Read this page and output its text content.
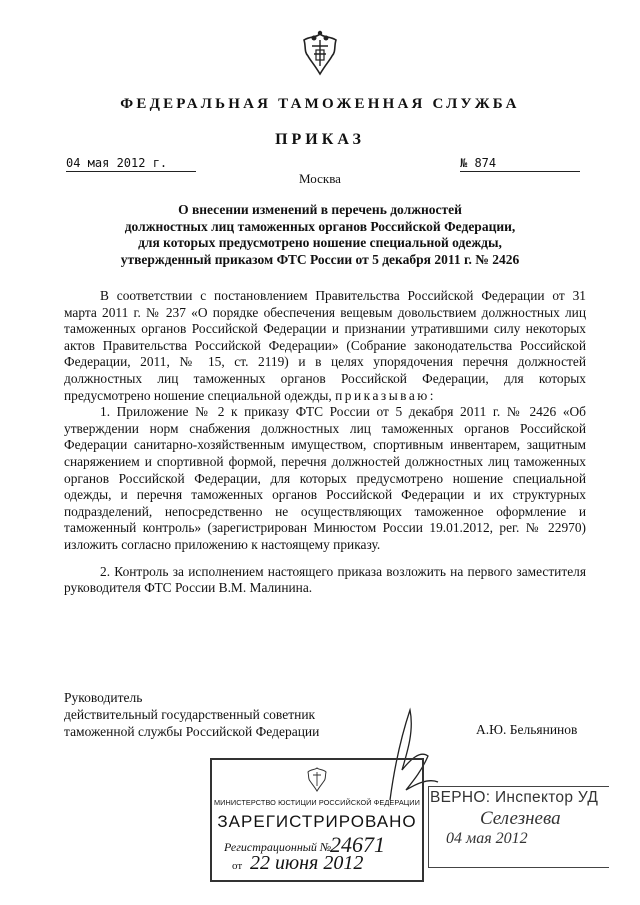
ФЕДЕРАЛЬНАЯ ТАМОЖЕННАЯ СЛУЖБА
ПРИКАЗ
04 мая 2012 г.	№ 874
Москва
О внесении изменений в перечень должностей
должностных лиц таможенных органов Российской Федерации,
для которых предусмотрено ношение специальной одежды,
утвержденный приказом ФТС России от 5 декабря 2011 г. № 2426

В соответствии с постановлением Правительства Российской Федерации от 31 марта 2011 г. № 237 «О порядке обеспечения вещевым довольствием должностных лиц таможенных органов Российской Федерации и признании утратившими силу некоторых актов Правительства Российской Федерации» (Собрание законодательства Российской Федерации, 2011, № 15, ст. 2119) и в целях упорядочения перечня должностей должностных лиц таможенных органов Российской Федерации, для которых предусмотрено ношение специальной одежды, приказываю:

1. Приложение № 2 к приказу ФТС России от 5 декабря 2011 г. № 2426 «Об утверждении норм снабжения должностных лиц таможенных органов Российской Федерации санитарно-хозяйственным имуществом, спортивным инвентарем, защитным снаряжением и спортивной формой, перечня должностей должностных лиц таможенных органов Российской Федерации, для которых предусмотрено ношение специальной одежды, и перечня таможенных органов Российской Федерации и их структурных подразделений, непосредственно не осуществляющих таможенное оформление и таможенный контроль» (зарегистрирован Минюстом России 19.01.2012, рег. № 22970) изложить согласно приложению к настоящему приказу.

2. Контроль за исполнением настоящего приказа возложить на первого заместителя руководителя ФТС России В.М. Малинина.

Руководитель
действительный государственный советник
таможенной службы Российской Федерации	А.Ю. Бельянинов
МИНИСТЕРСТВО ЮСТИЦИИ РОССИЙСКОЙ ФЕДЕРАЦИИ
ЗАРЕГИСТРИРОВАНО
Регистрационный №
24671
от 22 июня 2012
ВЕРНО: Инспектор УД
Селезнева
04 мая 2012
